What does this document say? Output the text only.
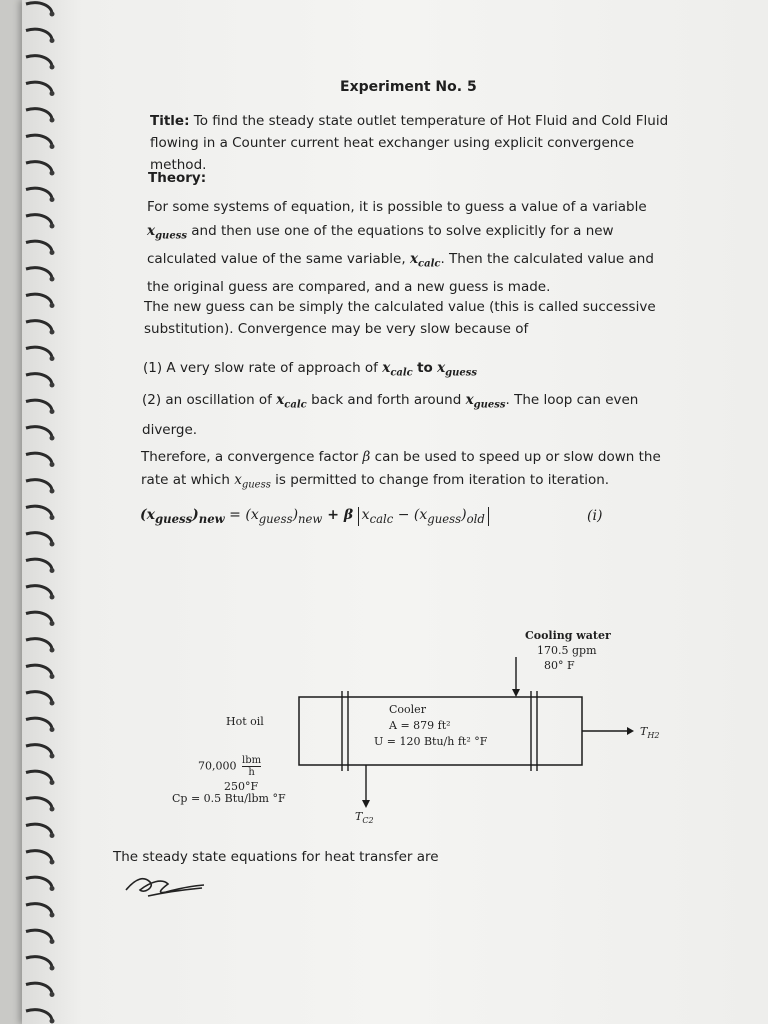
Experiment No. 5
Title: To find the steady state outlet temperature of Hot Fluid and Cold Fluid flowing in a Counter current heat exchanger using explicit convergence method.
Theory:
For some systems of equation, it is possible to guess a value of a variable $x_{guess}$ and then use one of the equations to solve explicitly for a new calculated value of the same variable, $x_{calc}$. Then the calculated value and the original guess are compared, and a new guess is made.
The new guess can be simply the calculated value (this is called successive substitution). Convergence may be very slow because of
(1) A very slow rate of approach of $x_{calc}$ to $x_{guess}$
(2) an oscillation of $x_{calc}$ back and forth around $x_{guess}$. The loop can even diverge.
Therefore, a convergence factor β can be used to speed up or slow down the rate at which $x_{guess}$ is permitted to change from iteration to iteration.
$(x_{guess})_{new} = (x_{guess})_{new} + \beta$ $x_{calc} - (x_{guess})_{old}$	(i)
Cooling water
170.5 gpm
80° F
Cooler
A = 879 ft²
U = 120 Btu/h ft² °F
Hot oil
70,000 lbm
h
250°F
Cp = 0.5 Btu/lbm °F
$T_{C2}$
$T_{H2}$
The steady state equations for heat transfer are
